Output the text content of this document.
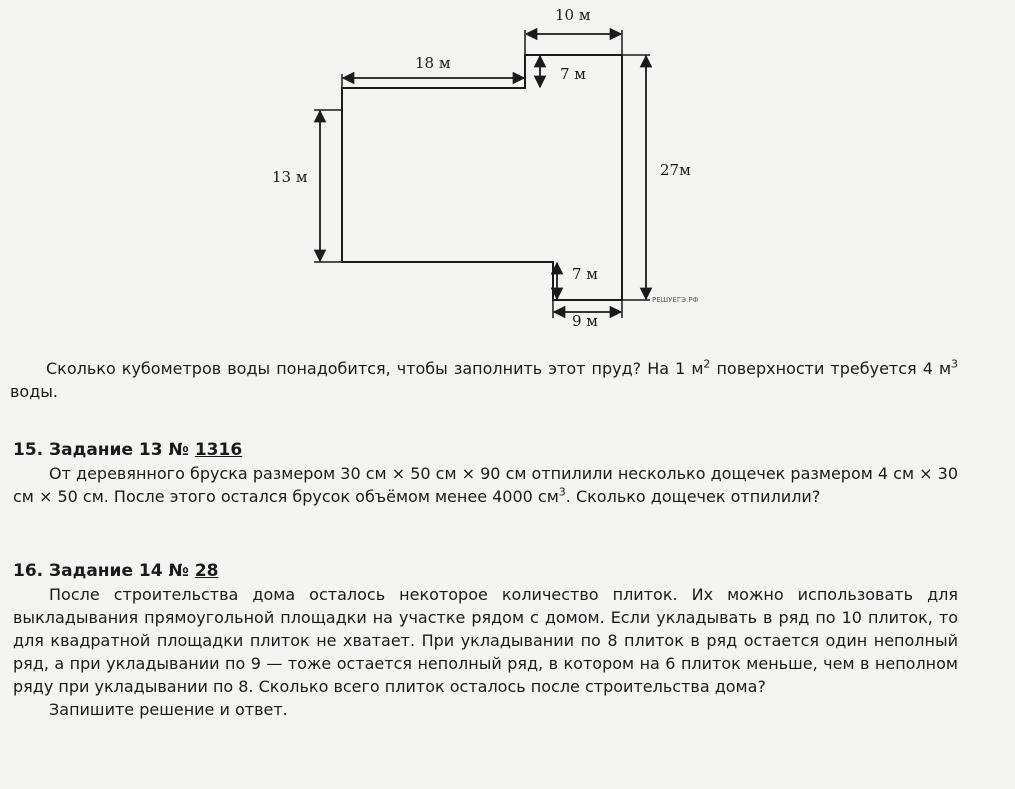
10 м
18 м
7 м
13 м	27м
7 м
9 м
РЕШУЕГЭ.РФ

Сколько кубометров воды понадобится, чтобы заполнить этот пруд? На 1 $м^2$ поверхности требуется 4 $м^3$ воды.

15. Задание 13 № 1316

От деревянного бруска размером 30 см × 50 см × 90 см отпилили несколько дощечек размером 4 см × 30 см × 50 см. После этого остался брусок объёмом менее 4000 $см^3$. Сколько дощечек отпилили?

16. Задание 14 № 28

После строительства дома осталось некоторое количество плиток. Их можно использовать для выкладывания прямоугольной площадки на участке рядом с домом. Если укладывать в ряд по 10 плиток, то для квадратной площадки плиток не хватает. При укладывании по 8 плиток в ряд остается один неполный ряд, а при укладывании по 9 — тоже остается неполный ряд, в котором на 6 плиток меньше, чем в неполном ряду при укладывании по 8. Сколько всего плиток осталось после строительства дома?

Запишите решение и ответ.
